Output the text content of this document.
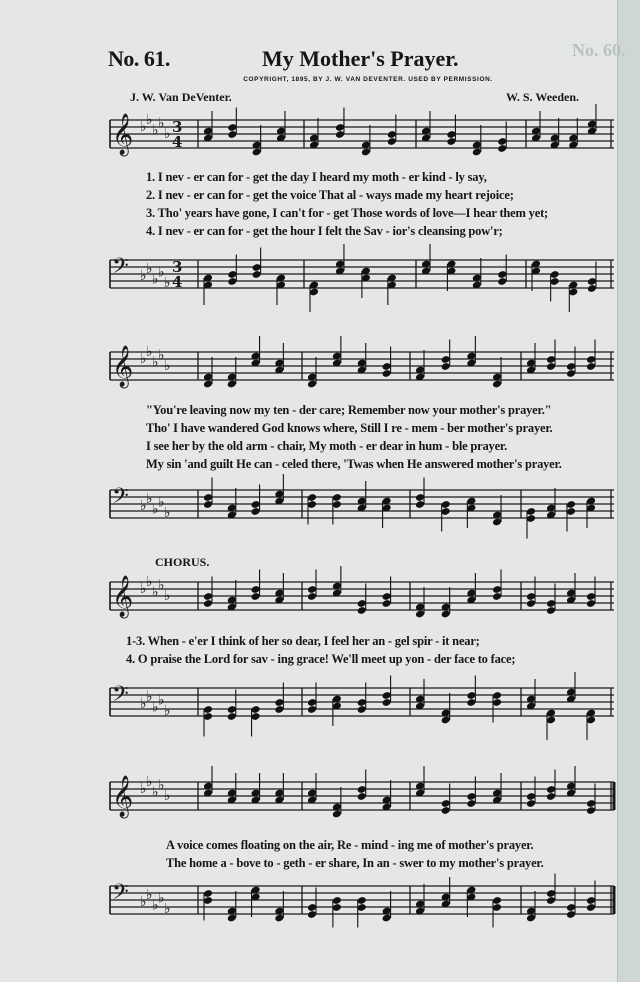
No. 60.
No. 61.	My Mother's Prayer.
COPYRIGHT, 1895, BY J. W. VAN DEVENTER. USED BY PERMISSION.
J. W. Van DeVenter.	W. S. Weeden.
𝄞 ♭ ♭
♭ ♭
♭ 3
4
1. I nev - er can for - get the day I heard my moth - er kind - ly say,
2. I nev - er can for - get the voice That al - ways made my heart rejoice;
3. Tho' years have gone, I can't for - get Those words of love—I hear them yet;
4. I nev - er can for - get the hour I felt the Sav - ior's cleansing pow'r;
𝄢 ♭ ♭
♭ ♭
♭
3
4
𝄞 ♭ ♭
♭ ♭
♭
"You're leaving now my ten - der care; Remember now your mother's prayer."
Tho' I have wandered God knows where, Still I re - mem - ber mother's prayer.
I see her by the old arm - chair, My moth - er dear in hum - ble prayer.
My sin 'and guilt He can - celed there, 'Twas when He answered mother's prayer.
𝄢 ♭ ♭
♭ ♭
♭
CHORUS.
𝄞 ♭ ♭
♭ ♭
♭
1-3. When - e'er I think of her so dear, I feel her an - gel spir - it near;
4. O praise the Lord for sav - ing grace! We'll meet up yon - der face to face;
𝄢 ♭ ♭
♭ ♭
♭
𝄞 ♭ ♭
♭ ♭
♭
A voice comes floating on the air, Re - mind - ing me of mother's prayer.
The home a - bove to - geth - er share, In an - swer to my mother's prayer.
𝄢 ♭ ♭
♭ ♭
♭
